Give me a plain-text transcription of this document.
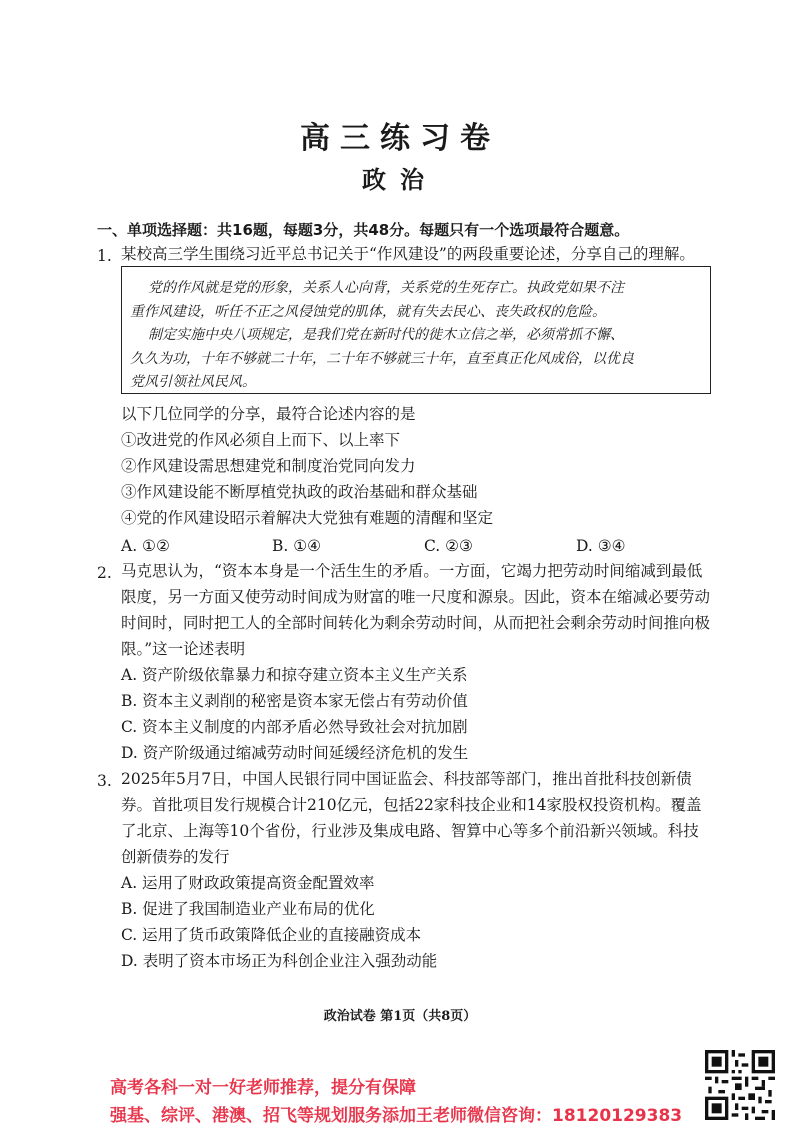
高三练习卷
政治
一、单项选择题：共16题，每题3分，共48分。每题只有一个选项最符合题意。
1. 某校高三学生围绕习近平总书记关于“作风建设”的两段重要论述，分享自己的理解。
党的作风就是党的形象，关系人心向背，关系党的生死存亡。执政党如果不注
重作风建设，听任不正之风侵蚀党的肌体，就有失去民心、丧失政权的危险。
制定实施中央八项规定，是我们党在新时代的徙木立信之举，必须常抓不懈、
久久为功，十年不够就二十年，二十年不够就三十年，直至真正化风成俗，以优良
党风引领社风民风。
以下几位同学的分享，最符合论述内容的是
①改进党的作风必须自上而下、以上率下
②作风建设需思想建党和制度治党同向发力
③作风建设能不断厚植党执政的政治基础和群众基础
④党的作风建设昭示着解决大党独有难题的清醒和坚定
A. ①②	B. ①④	C. ②③	D. ③④
2. 马克思认为，“资本本身是一个活生生的矛盾。一方面，它竭力把劳动时间缩减到最低
限度，另一方面又使劳动时间成为财富的唯一尺度和源泉。因此，资本在缩减必要劳动
时间时，同时把工人的全部时间转化为剩余劳动时间，从而把社会剩余劳动时间推向极
限。”这一论述表明
A. 资产阶级依靠暴力和掠夺建立资本主义生产关系
B. 资本主义剥削的秘密是资本家无偿占有劳动价值
C. 资本主义制度的内部矛盾必然导致社会对抗加剧
D. 资产阶级通过缩减劳动时间延缓经济危机的发生
3. 2025年5月7日，中国人民银行同中国证监会、科技部等部门，推出首批科技创新债
券。首批项目发行规模合计210亿元，包括22家科技企业和14家股权投资机构。覆盖
了北京、上海等10个省份，行业涉及集成电路、智算中心等多个前沿新兴领域。科技
创新债券的发行
A. 运用了财政政策提高资金配置效率
B. 促进了我国制造业产业布局的优化
C. 运用了货币政策降低企业的直接融资成本
D. 表明了资本市场正为科创企业注入强劲动能
政治试卷 第1页（共8页）
高考各科一对一好老师推荐，提分有保障
强基、综评、港澳、招飞等规划服务添加王老师微信咨询：18120129383
